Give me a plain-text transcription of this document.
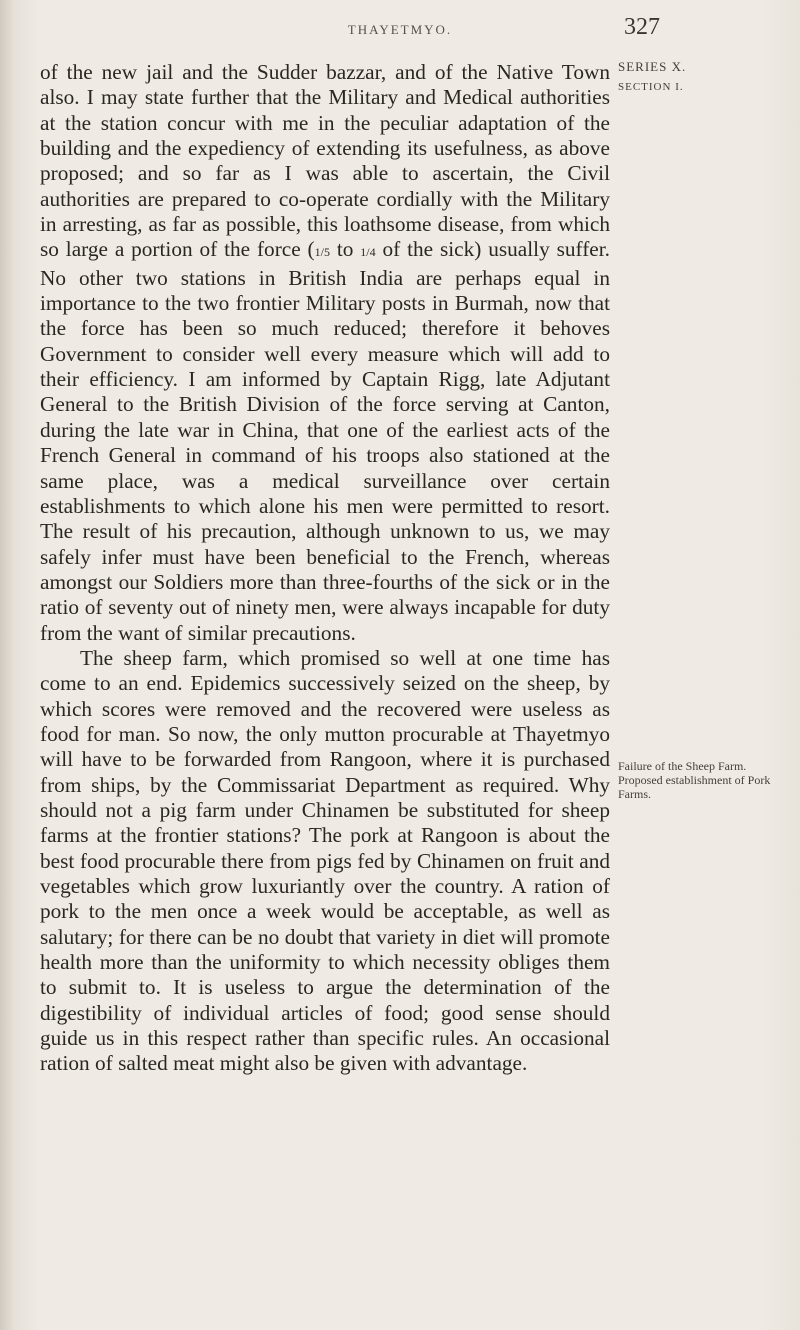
THAYETMYO.	327
SERIES X.
SECTION I.
Failure of the Sheep Farm. Proposed establishment of Pork Farms.

of the new jail and the Sudder bazzar, and of the Native Town also. I may state further that the Military and Medical authorities at the station concur with me in the peculiar adaptation of the building and the expediency of extending its usefulness, as above proposed; and so far as I was able to ascertain, the Civil authorities are prepared to co-operate cordially with the Military in arresting, as far as possible, this loathsome disease, from which so large a portion of the force (1/5 to 1/4 of the sick) usually suffer. No other two stations in British India are perhaps equal in importance to the two frontier Military posts in Burmah, now that the force has been so much reduced; therefore it behoves Government to consider well every measure which will add to their efficiency. I am informed by Captain Rigg, late Adjutant General to the British Division of the force serving at Canton, during the late war in China, that one of the earliest acts of the French General in command of his troops also stationed at the same place, was a medical surveillance over certain establishments to which alone his men were permitted to resort. The result of his precaution, although unknown to us, we may safely infer must have been beneficial to the French, whereas amongst our Soldiers more than three-fourths of the sick or in the ratio of seventy out of ninety men, were always incapable for duty from the want of similar precautions.

The sheep farm, which promised so well at one time has come to an end. Epidemics successively seized on the sheep, by which scores were removed and the recovered were useless as food for man. So now, the only mutton procurable at Thayetmyo will have to be forwarded from Rangoon, where it is purchased from ships, by the Commissariat Department as required. Why should not a pig farm under Chinamen be substituted for sheep farms at the frontier stations? The pork at Rangoon is about the best food procurable there from pigs fed by Chinamen on fruit and vegetables which grow luxuriantly over the country. A ration of pork to the men once a week would be acceptable, as well as salutary; for there can be no doubt that variety in diet will promote health more than the uniformity to which necessity obliges them to submit to. It is useless to argue the determination of the digestibility of individual articles of food; good sense should guide us in this respect rather than specific rules. An occasional ration of salted meat might also be given with advantage.
